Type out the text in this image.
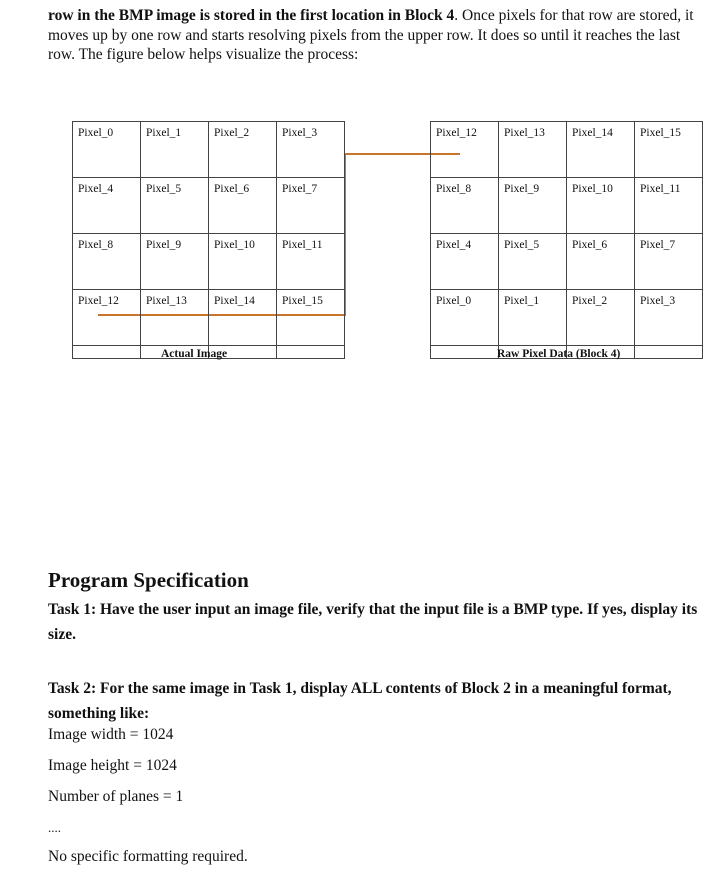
row in the BMP image is stored in the first location in Block 4. Once pixels for that row are stored, it moves up by one row and starts resolving pixels from the upper row. It does so until it reaches the last row. The figure below helps visualize the process:
Pixel_0	Pixel_1	Pixel_2	Pixel_3
Pixel_4	Pixel_5	Pixel_6	Pixel_7
Pixel_8	Pixel_9	Pixel_10	Pixel_11
Pixel_12	Pixel_13	Pixel_14	Pixel_15

Pixel_12	Pixel_13	Pixel_14	Pixel_15
Pixel_8	Pixel_9	Pixel_10	Pixel_11
Pixel_4	Pixel_5	Pixel_6	Pixel_7
Pixel_0	Pixel_1	Pixel_2	Pixel_3

Actual Image	Raw Pixel Data (Block 4)
Program Specification
Task 1: Have the user input an image file, verify that the input file is a BMP type. If yes, display its size.
Task 2: For the same image in Task 1, display ALL contents of Block 2 in a meaningful format, something like:
Image width = 1024
Image height = 1024
Number of planes = 1
....
No specific formatting required.
